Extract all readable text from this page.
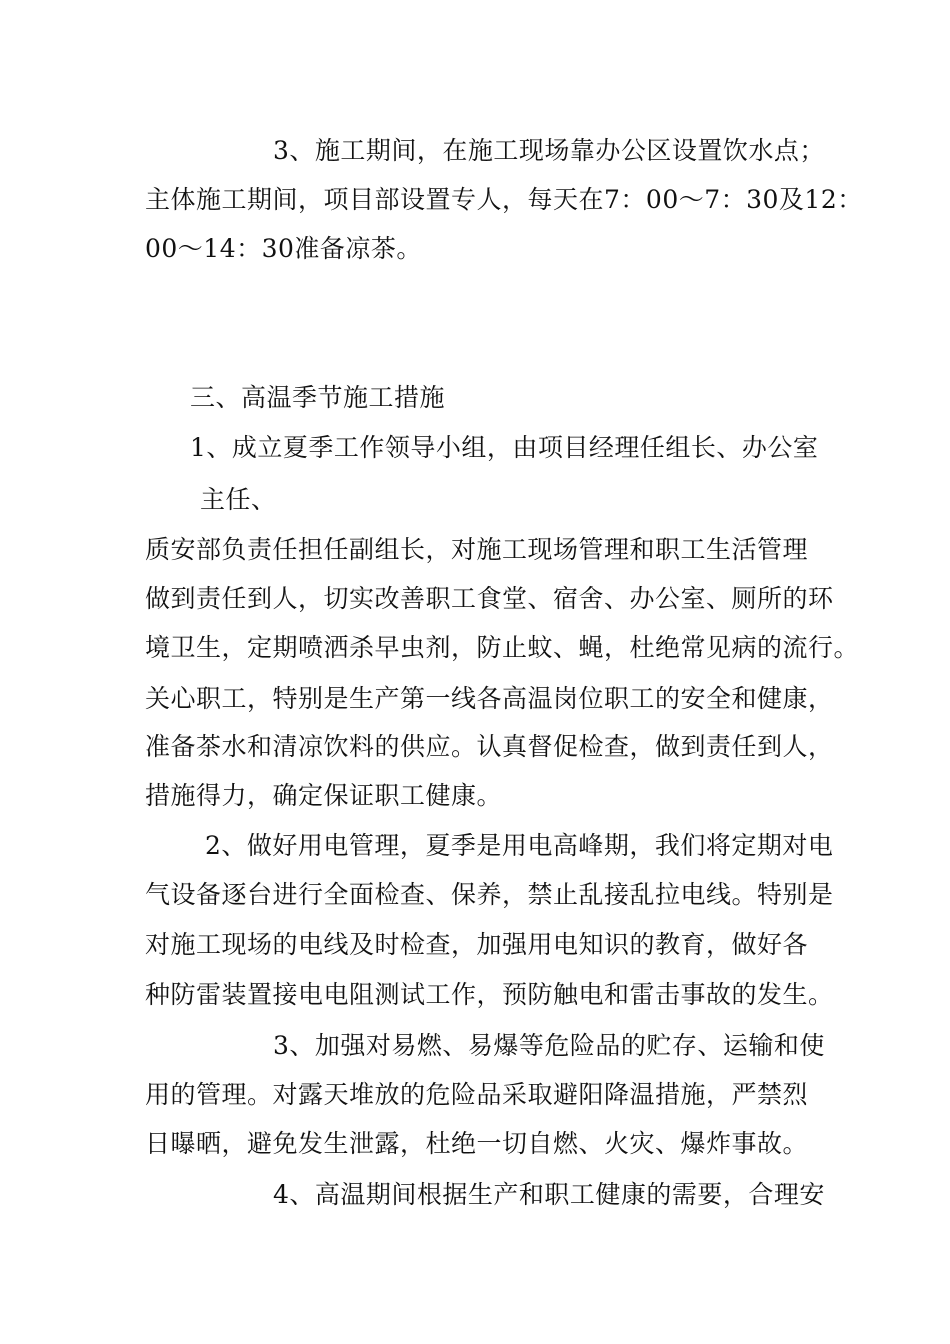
3、施工期间，在施工现场靠办公区设置饮水点；
主体施工期间，项目部设置专人，每天在7：00～7：30及12：
00～14：30准备凉茶。
三、高温季节施工措施
1、成立夏季工作领导小组，由项目经理任组长、办公室
主任、
质安部负责任担任副组长，对施工现场管理和职工生活管理
做到责任到人，切实改善职工食堂、宿舍、办公室、厕所的环
境卫生，定期喷洒杀早虫剂，防止蚊、蝇，杜绝常见病的流行。
关心职工，特别是生产第一线各高温岗位职工的安全和健康，
准备茶水和清凉饮料的供应。认真督促检查，做到责任到人，
措施得力，确定保证职工健康。
2、做好用电管理，夏季是用电高峰期，我们将定期对电
气设备逐台进行全面检查、保养，禁止乱接乱拉电线。特别是
对施工现场的电线及时检查，加强用电知识的教育，做好各
种防雷装置接电电阻测试工作，预防触电和雷击事故的发生。
3、加强对易燃、易爆等危险品的贮存、运输和使
用的管理。对露天堆放的危险品采取避阳降温措施，严禁烈
日曝晒，避免发生泄露，杜绝一切自燃、火灾、爆炸事故。
4、高温期间根据生产和职工健康的需要，合理安
